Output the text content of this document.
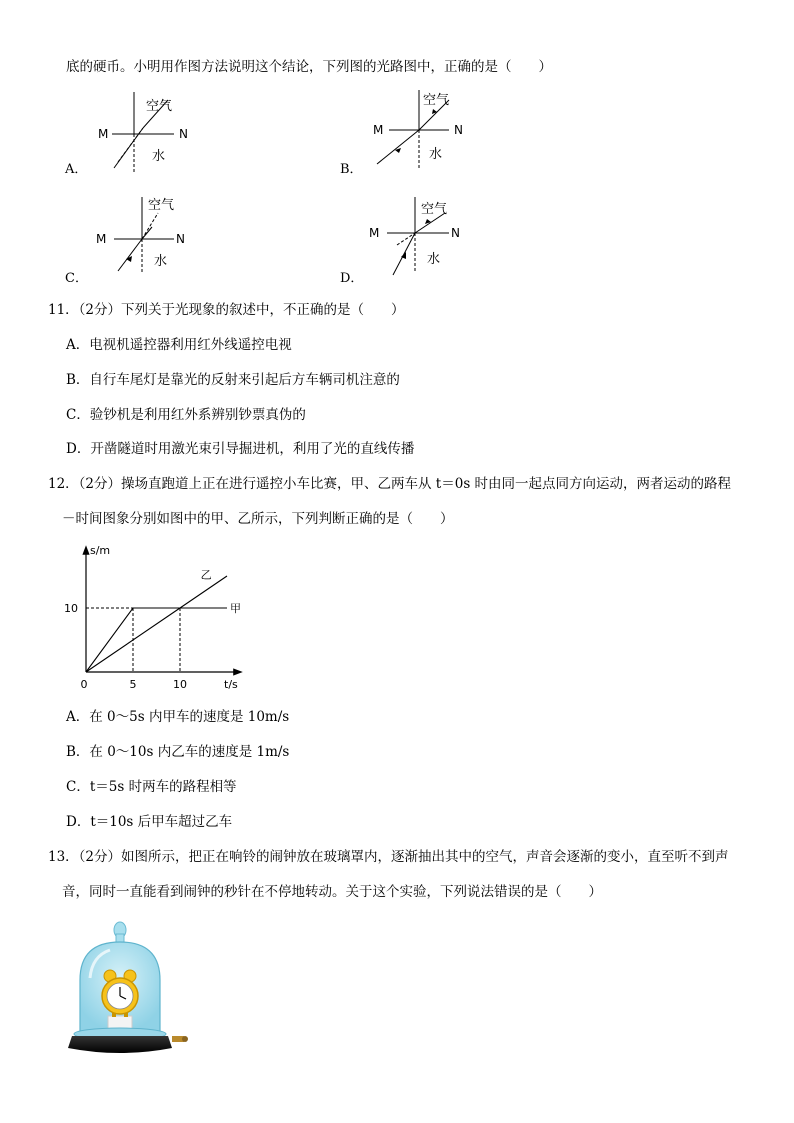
底的硬币。小明用作图方法说明这个结论，下列图的光路图中，正确的是（　　）
A．
空气
M	N
水
B．
空气
M	N
水
C．
空气
M	N
水
D．
空气
M	N
水
11．（2分）下列关于光现象的叙述中，不正确的是（　　）
A．电视机遥控器利用红外线遥控电视
B．自行车尾灯是靠光的反射来引起后方车辆司机注意的
C．验钞机是利用红外系辨别钞票真伪的
D．开凿隧道时用激光束引导掘进机，利用了光的直线传播
12．（2分）操场直跑道上正在进行遥控小车比赛，甲、乙两车从 t＝0s 时由同一起点同方向运动，两者运动的路程
－时间图象分别如图中的甲、乙所示，下列判断正确的是（　　）
s/m
t/s
0	5	10
10	甲
乙
A．在 0～5s 内甲车的速度是 10m/s
B．在 0～10s 内乙车的速度是 1m/s
C．t＝5s 时两车的路程相等
D．t＝10s 后甲车超过乙车
13．（2分）如图所示，把正在响铃的闹钟放在玻璃罩内，逐渐抽出其中的空气，声音会逐渐的变小，直至听不到声
音，同时一直能看到闹钟的秒针在不停地转动。关于这个实验，下列说法错误的是（　　）
